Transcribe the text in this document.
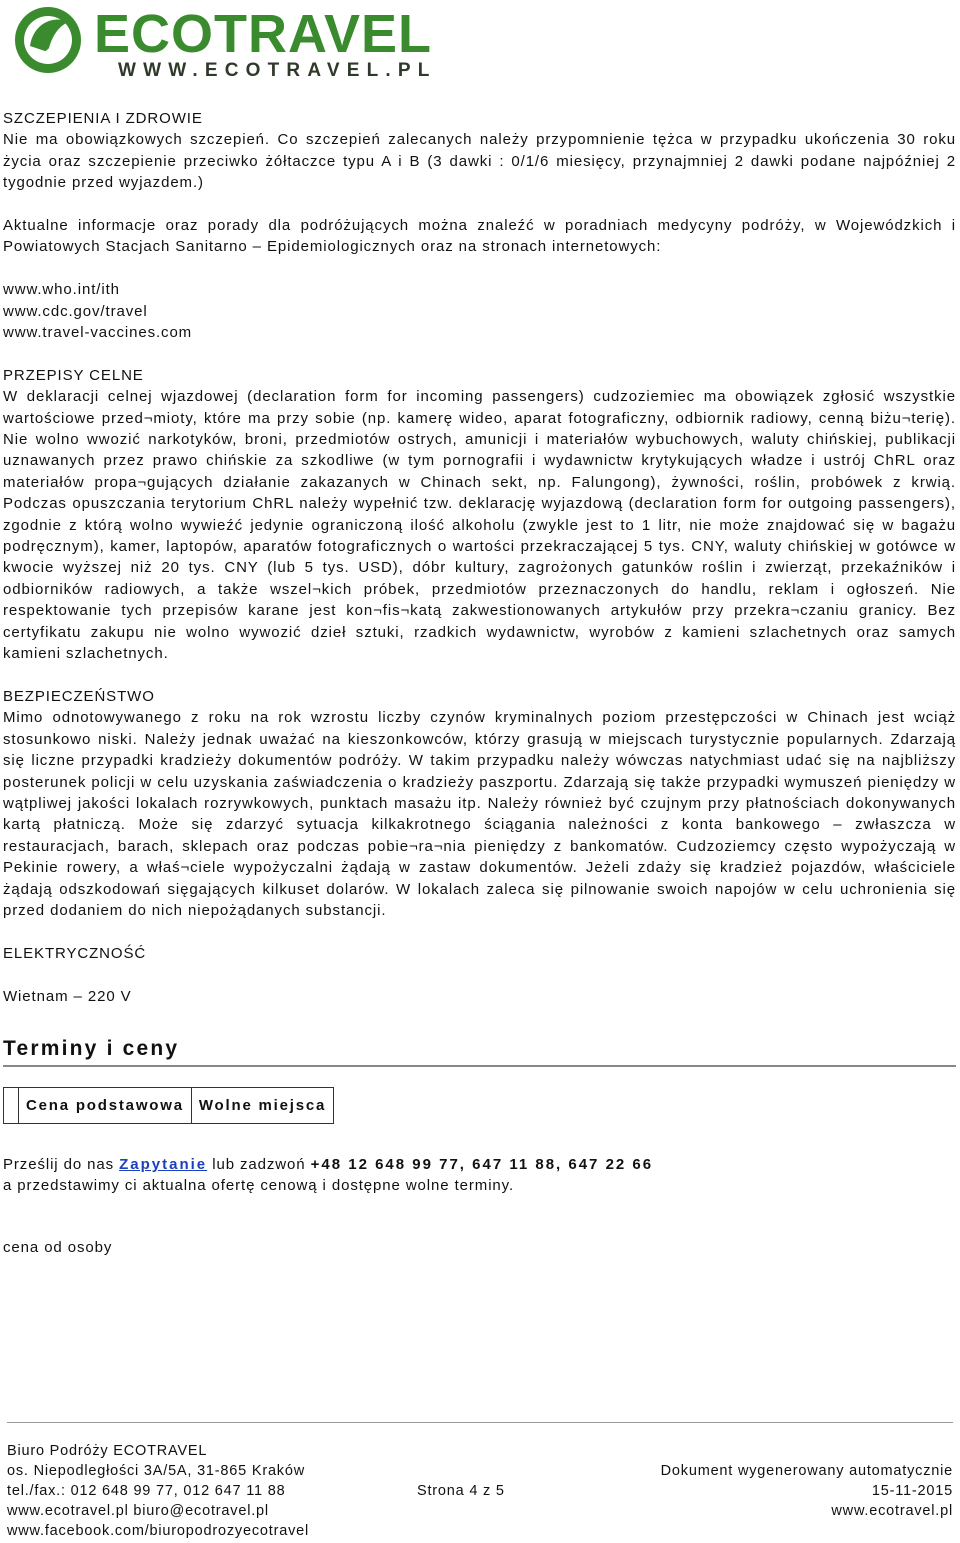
ECOTRAVEL
WWW.ECOTRAVEL.PL

SZCZEPIENIA I ZDROWIE

Nie ma obowiązkowych szczepień. Co szczepień zalecanych należy przypomnienie tężca w przypadku ukończenia 30 roku życia oraz szczepienie przeciwko żółtaczce typu A i B (3 dawki : 0/1/6 miesięcy, przynajmniej 2 dawki podane najpóźniej 2 tygodnie przed wyjazdem.)

Aktualne informacje oraz porady dla podróżujących można znaleźć w poradniach medycyny podróży, w Wojewódzkich i Powiatowych Stacjach Sanitarno – Epidemiologicznych oraz na stronach internetowych:

www.who.int/ith

www.cdc.gov/travel

www.travel-vaccines.com

PRZEPISY CELNE

W deklaracji celnej wjazdowej (declaration form for incoming passengers) cudzoziemiec ma obowiązek zgłosić wszystkie wartościowe przed¬mioty, które ma przy sobie (np. kamerę wideo, aparat fotograficzny, odbiornik radiowy, cenną biżu¬terię). Nie wolno wwozić narkotyków, broni, przedmiotów ostrych, amunicji i materiałów wybuchowych, waluty chińskiej, publikacji uznawanych przez prawo chińskie za szkodliwe (w tym pornografii i wydawnictw krytykujących władze i ustrój ChRL oraz materiałów propa¬gujących działanie zakazanych w Chinach sekt, np. Falungong), żywności, roślin, probówek z krwią. Podczas opuszczania terytorium ChRL należy wypełnić tzw. deklarację wyjazdową (declaration form for outgoing passengers), zgodnie z którą wolno wywieźć jedynie ograniczoną ilość alkoholu (zwykle jest to 1 litr, nie może znajdować się w bagażu podręcznym), kamer, laptopów, aparatów fotograficznych o wartości przekraczającej 5 tys. CNY, waluty chińskiej w gotówce w kwocie wyższej niż 20 tys. CNY (lub 5 tys. USD), dóbr kultury, zagrożonych gatunków roślin i zwierząt, przekaźników i odbiorników radiowych, a także wszel¬kich próbek, przedmiotów przeznaczonych do handlu, reklam i ogłoszeń. Nie respektowanie tych przepisów karane jest kon¬fis¬katą zakwestionowanych artykułów przy przekra¬czaniu granicy. Bez certyfikatu zakupu nie wolno wywozić dzieł sztuki, rzadkich wydawnictw, wyrobów z kamieni szlachetnych oraz samych kamieni szlachetnych.

BEZPIECZEŃSTWO

Mimo odnotowywanego z roku na rok wzrostu liczby czynów kryminalnych poziom przestępczości w Chinach jest wciąż stosunkowo niski. Należy jednak uważać na kieszonkowców, którzy grasują w miejscach turystycznie popularnych. Zdarzają się liczne przypadki kradzieży dokumentów podróży. W takim przypadku należy wówczas natychmiast udać się na najbliższy posterunek policji w celu uzyskania zaświadczenia o kradzieży paszportu. Zdarzają się także przypadki wymuszeń pieniędzy w wątpliwej jakości lokalach rozrywkowych, punktach masażu itp. Należy również być czujnym przy płatnościach dokonywanych kartą płatniczą. Może się zdarzyć sytuacja kilkakrotnego ściągania należności z konta bankowego – zwłaszcza w restauracjach, barach, sklepach oraz podczas pobie¬ra¬nia pieniędzy z bankomatów. Cudzoziemcy często wypożyczają w Pekinie rowery, a właś¬ciele wypożyczalni żądają w zastaw dokumentów. Jeżeli zdaży się kradzież pojazdów, właściciele żądają odszkodowań sięgających kilkuset dolarów. W lokalach zaleca się pilnowanie swoich napojów w celu uchronienia się przed dodaniem do nich niepożądanych substancji.

ELEKTRYCZNOŚĆ

Wietnam – 220 V

Terminy i ceny

	Cena podstawowa	Wolne miejsca

Prześlij do nas Zapytanie lub zadzwoń +48 12 648 99 77, 647 11 88, 647 22 66

a przedstawimy ci aktualna ofertę cenową i dostępne wolne terminy.

cena od osoby

Biuro Podróży ECOTRAVEL
os. Niepodległości 3A/5A, 31-865 Kraków
tel./fax.: 012 648 99 77, 012 647 11 88
www.ecotravel.pl biuro@ecotravel.pl
www.facebook.com/biuropodrozyecotravel
Strona 4 z 5
Dokument wygenerowany automatycznie
15-11-2015
www.ecotravel.pl
